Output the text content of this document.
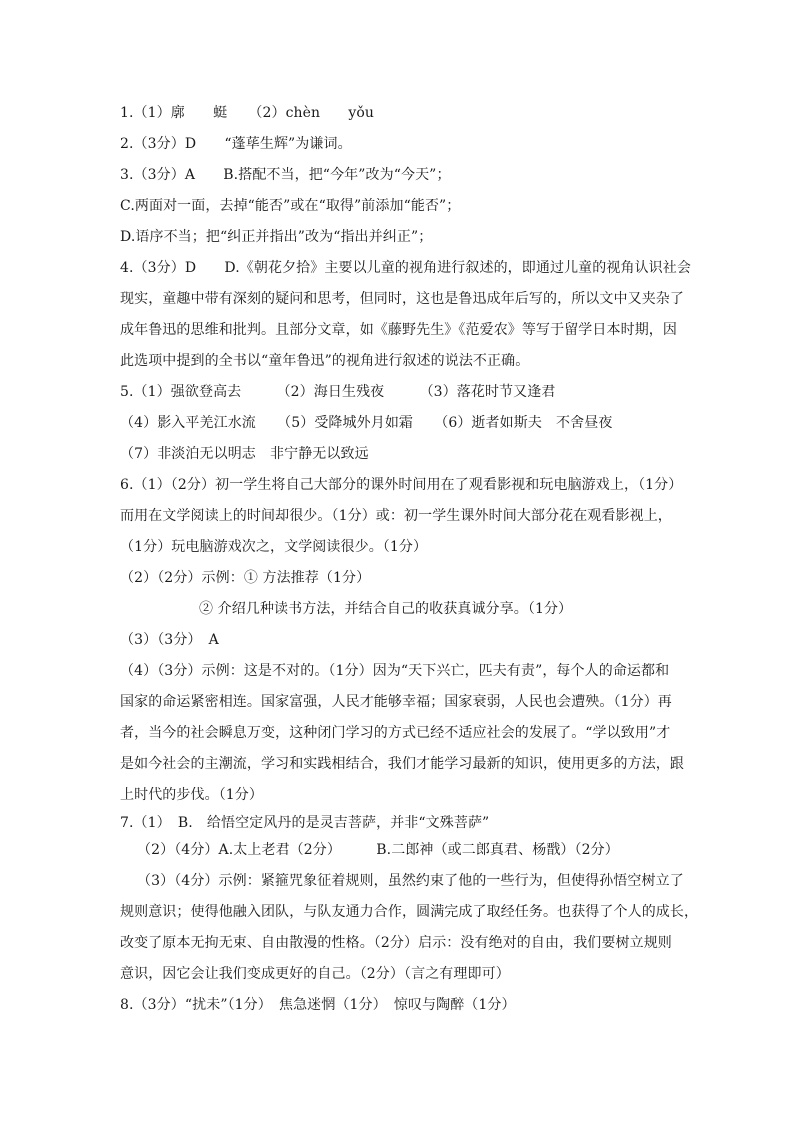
1.（1）廓　　蜓　　（2）chèn　　yǒu
2.（3分）D　　“蓬荜生辉”为谦词。
3.（3分）A　　B.搭配不当，把“今年”改为“今天”；
C.两面对一面，去掉“能否”或在“取得”前添加“能否”；
D.语序不当；把“纠正并指出”改为“指出并纠正”；
4.（3分）D　　D.《朝花夕拾》主要以儿童的视角进行叙述的，即通过儿童的视角认识社会
现实，童趣中带有深刻的疑问和思考，但同时，这也是鲁迅成年后写的，所以文中又夹杂了
成年鲁迅的思维和批判。且部分文章，如《藤野先生》《范爱农》等写于留学日本时期，因
此选项中提到的全书以“童年鲁迅”的视角进行叙述的说法不正确。
5.（1）强欲登高去　　　（2）海日生残夜　　　（3）落花时节又逢君
（4）影入平羌江水流　　（5）受降城外月如霜　　（6）逝者如斯夫　不舍昼夜
（7）非淡泊无以明志　非宁静无以致远
6.（1）（2分）初一学生将自己大部分的课外时间用在了观看影视和玩电脑游戏上，（1分）
而用在文学阅读上的时间却很少。（1分）或：初一学生课外时间大部分花在观看影视上，
（1分）玩电脑游戏次之，文学阅读很少。（1分）
（2）（2分）示例：① 方法推荐（1分）
② 介绍几种读书方法，并结合自己的收获真诚分享。（1分）
（3）（3分）　A
（4）（3分）示例：这是不对的。（1分）因为“天下兴亡，匹夫有责”，每个人的命运都和
国家的命运紧密相连。国家富强，人民才能够幸福；国家衰弱，人民也会遭殃。（1分）再
者，当今的社会瞬息万变，这种闭门学习的方式已经不适应社会的发展了。“学以致用”才
是如今社会的主潮流，学习和实践相结合，我们才能学习最新的知识，使用更多的方法，跟
上时代的步伐。（1分）
7.（1）　B.　给悟空定风丹的是灵吉菩萨，并非“文殊菩萨”
（2）（4分）A.太上老君（2分）　　　B.二郎神（或二郎真君、杨戬）（2分）
（3）（4分）示例：紧箍咒象征着规则，虽然约束了他的一些行为，但使得孙悟空树立了
规则意识；使得他融入团队，与队友通力合作，圆满完成了取经任务。也获得了个人的成长，
改变了原本无拘无束、自由散漫的性格。（2分）启示：没有绝对的自由，我们要树立规则
意识，因它会让我们变成更好的自己。（2分）（言之有理即可）
8.（3分）“扰未”（1分）　焦急迷惘（1分）　惊叹与陶醉（1分）
